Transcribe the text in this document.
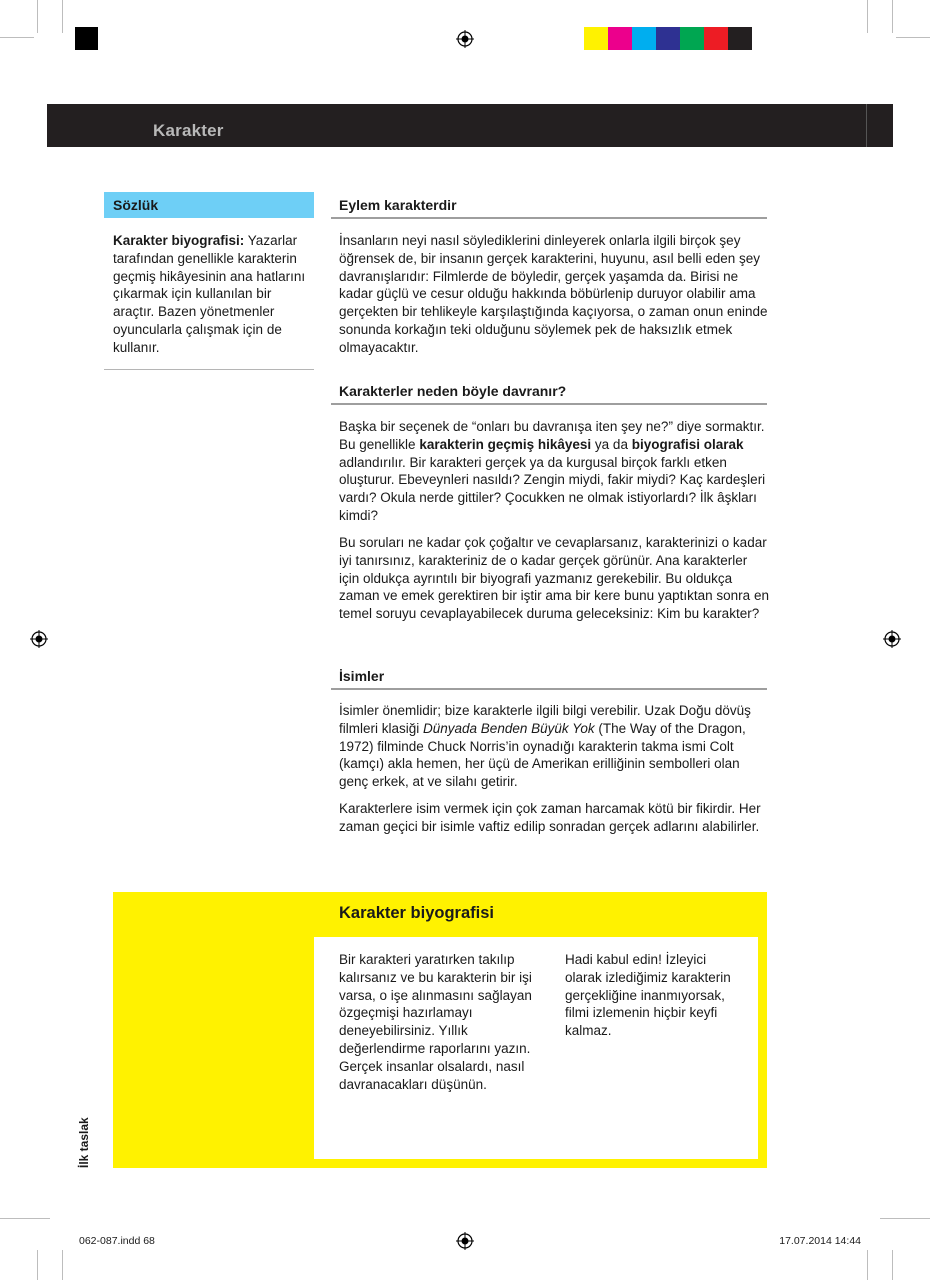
Karakter
Sözlük
Karakter biyografisi: Yazarlar tarafından genellikle karakterin geçmiş hikâyesinin ana hatlarını çıkarmak için kullanılan bir araçtır. Bazen yönetmenler oyuncularla çalışmak için de kullanır.
Eylem karakterdir
İnsanların neyi nasıl söylediklerini dinleyerek onlarla ilgili birçok şey öğrensek de, bir insanın gerçek karakterini, huyunu, asıl belli eden şey davranışlarıdır: Filmlerde de böyledir, gerçek yaşamda da. Birisi ne kadar güçlü ve cesur olduğu hakkında böbürlenip duruyor olabilir ama gerçekten bir tehlikeyle karşılaştığında kaçıyorsa, o zaman onun eninde sonunda korkağın teki olduğunu söylemek pek de haksızlık etmek olmayacaktır.
Karakterler neden böyle davranır?
Başka bir seçenek de “onları bu davranışa iten şey ne?” diye sormaktır. Bu genellikle karakterin geçmiş hikâyesi ya da biyografisi olarak adlandırılır. Bir karakteri gerçek ya da kurgusal birçok farklı etken oluşturur. Ebeveynleri nasıldı? Zengin miydi, fakir miydi? Kaç kardeşleri vardı? Okula nerde gittiler? Çocukken ne olmak istiyorlardı? İlk âşkları kimdi?
Bu soruları ne kadar çok çoğaltır ve cevaplarsanız, karakterinizi o kadar iyi tanırsınız, karakteriniz de o kadar gerçek görünür. Ana karakterler için oldukça ayrıntılı bir biyografi yazmanız gerekebilir. Bu oldukça zaman ve emek gerektiren bir iştir ama bir kere bunu yaptıktan sonra en temel soruyu cevaplayabilecek duruma geleceksiniz: Kim bu karakter?
İsimler
İsimler önemlidir; bize karakterle ilgili bilgi verebilir. Uzak Doğu dövüş filmleri klasiği Dünyada Benden Büyük Yok (The Way of the Dragon, 1972) filminde Chuck Norris’in oynadığı karakterin takma ismi Colt (kamçı) akla hemen, her üçü de Amerikan erilliğinin sembolleri olan genç erkek, at ve silahı getirir.
Karakterlere isim vermek için çok zaman harcamak kötü bir fikirdir. Her zaman geçici bir isimle vaftiz edilip sonradan gerçek adlarını alabilirler.
Karakter biyografisi
Bir karakteri yaratırken takılıp kalırsanız ve bu karakterin bir işi varsa, o işe alınmasını sağlayan özgeçmişi hazırlamayı deneyebilirsiniz. Yıllık değerlendirme raporlarını yazın. Gerçek insanlar olsalardı, nasıl davranacakları düşünün.
Hadi kabul edin! İzleyici olarak izlediğimiz karakterin gerçekliğine inanmıyorsak, filmi izlemenin hiçbir keyfi kalmaz.
İlk taslak
062-087.indd 68	17.07.2014 14:44
